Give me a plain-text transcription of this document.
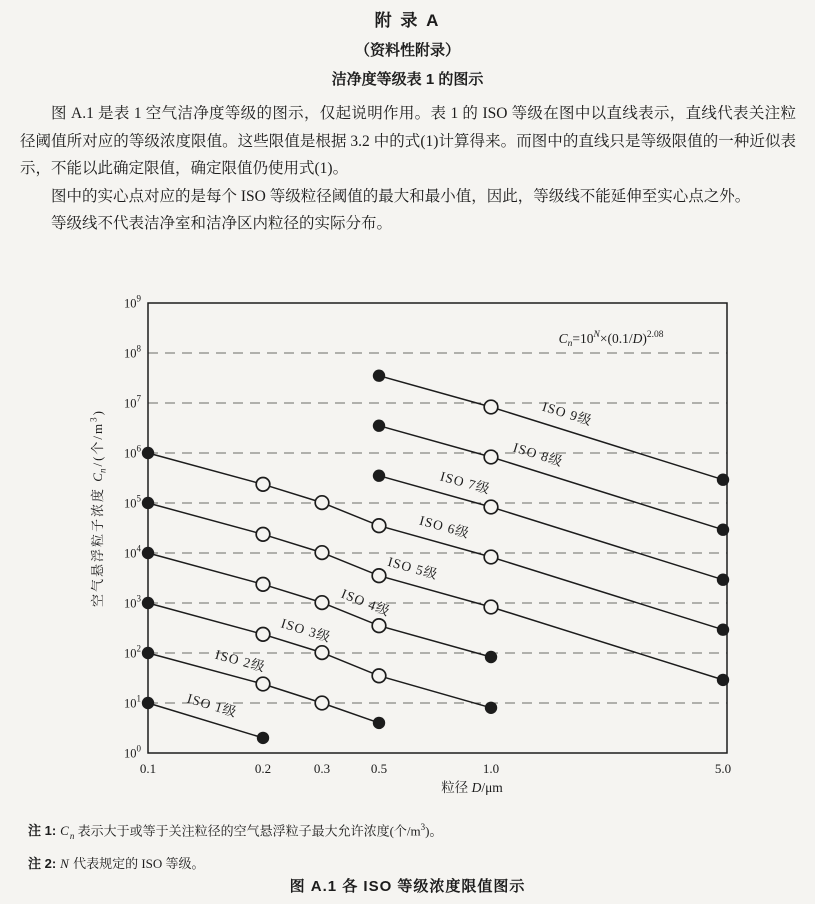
附 录 A
（资料性附录）
洁净度等级表 1 的图示

图 A.1 是表 1 空气洁净度等级的图示，仅起说明作用。表 1 的 ISO 等级在图中以直线表示，直线代表关注粒径阈值所对应的等级浓度限值。这些限值是根据 3.2 中的式(1)计算得来。而图中的直线只是等级限值的一种近似表示，不能以此确定限值，确定限值仍使用式(1)。

图中的实心点对应的是每个 ISO 等级粒径阈值的最大和最小值，因此，等级线不能延伸至实心点之外。

等级线不代表洁净室和洁净区内粒径的实际分布。

$10^0$
$10^1$
$10^2$
$10^3$
$10^4$
$10^5$
$10^6$
$10^7$
$10^8$
$10^9$
0.1	0.2	0.3	0.5	1.0	5.0
粒径 D/μm
$C_n=10^N\times(0.1/D)^{2.08}$
ISO 1级
ISO 2级
ISO 3级
ISO 4级
ISO 5级
ISO 6级
ISO 7级
ISO 8级
ISO 9级
空气悬浮粒子浓度 $C_n/$(个$/m^3$)
注 1: $C_n$ 表示大于或等于关注粒径的空气悬浮粒子最大允许浓度(个$/m^3$)。
注 2: N 代表规定的 ISO 等级。
图 A.1 各 ISO 等级浓度限值图示
